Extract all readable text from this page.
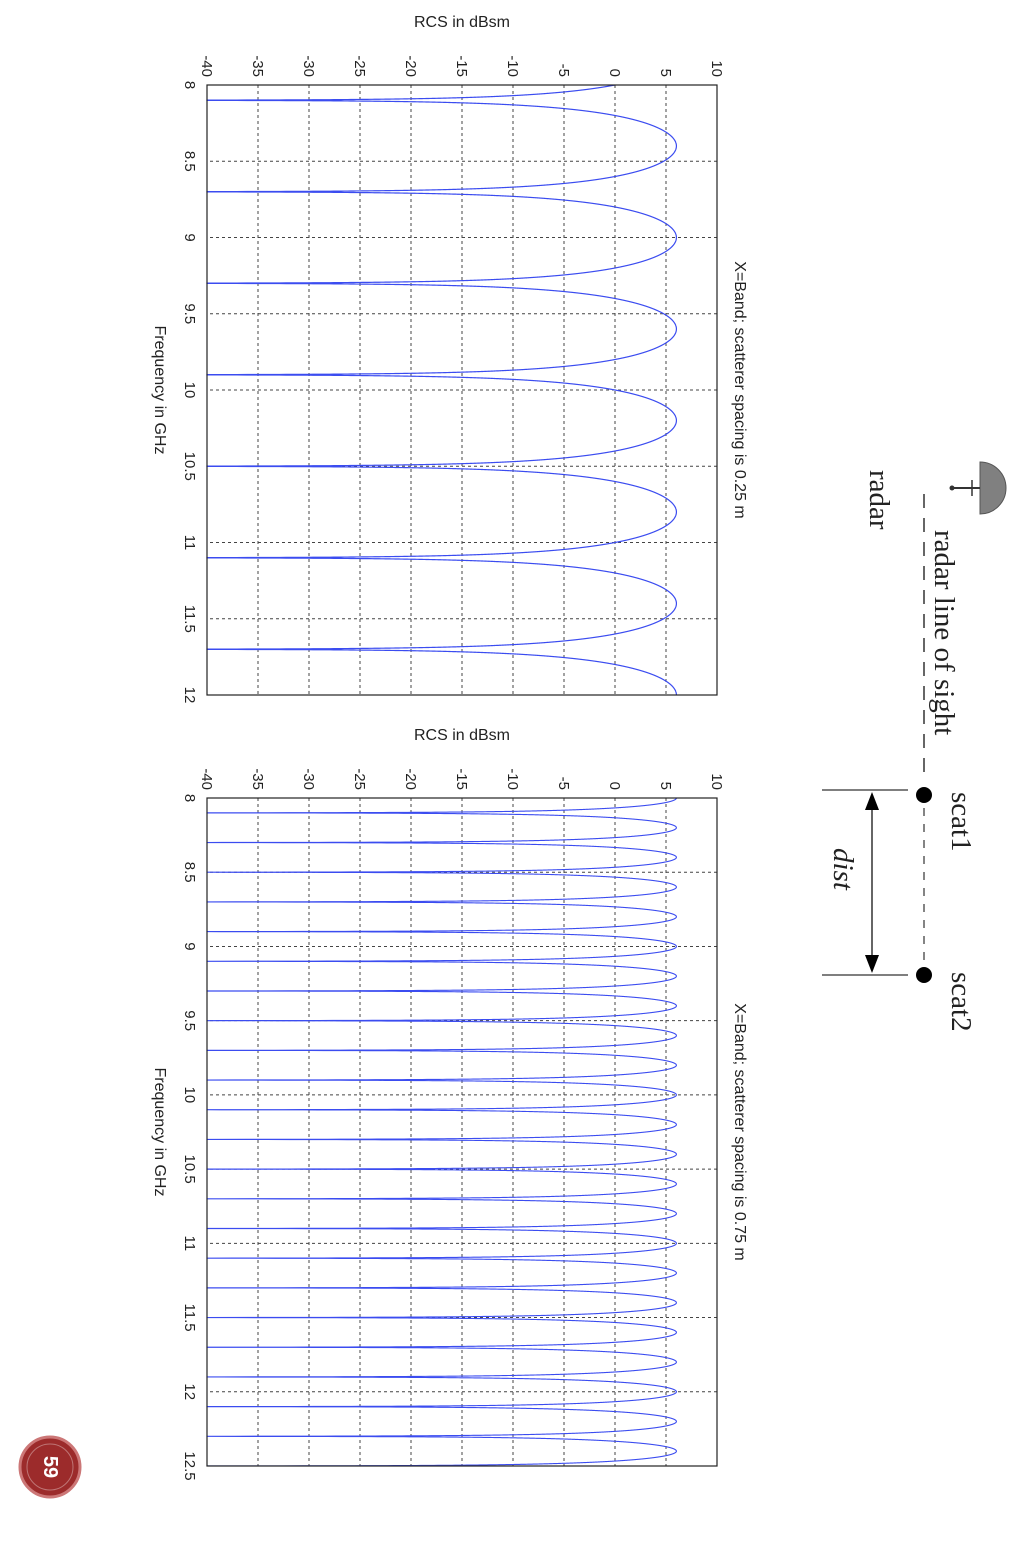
8
8.5
9
9.5
10
10.5
11
11.5
12
-40 -35 -30 -25 -20 -15 -10 -5 0 5 10
X=Band; scatterer spacing is 0.25 m
Frequency in GHz
RCS in dBsm
8
8.5
9
9.5
10
10.5
11
11.5
12
12.5
-40 -35 -30 -25 -20 -15 -10 -5 0 5 10
X=Band; scatterer spacing is 0.75 m
Frequency in GHz
RCS in dBsm
radar
radar line of sight
scat1
scat2
dist
59
